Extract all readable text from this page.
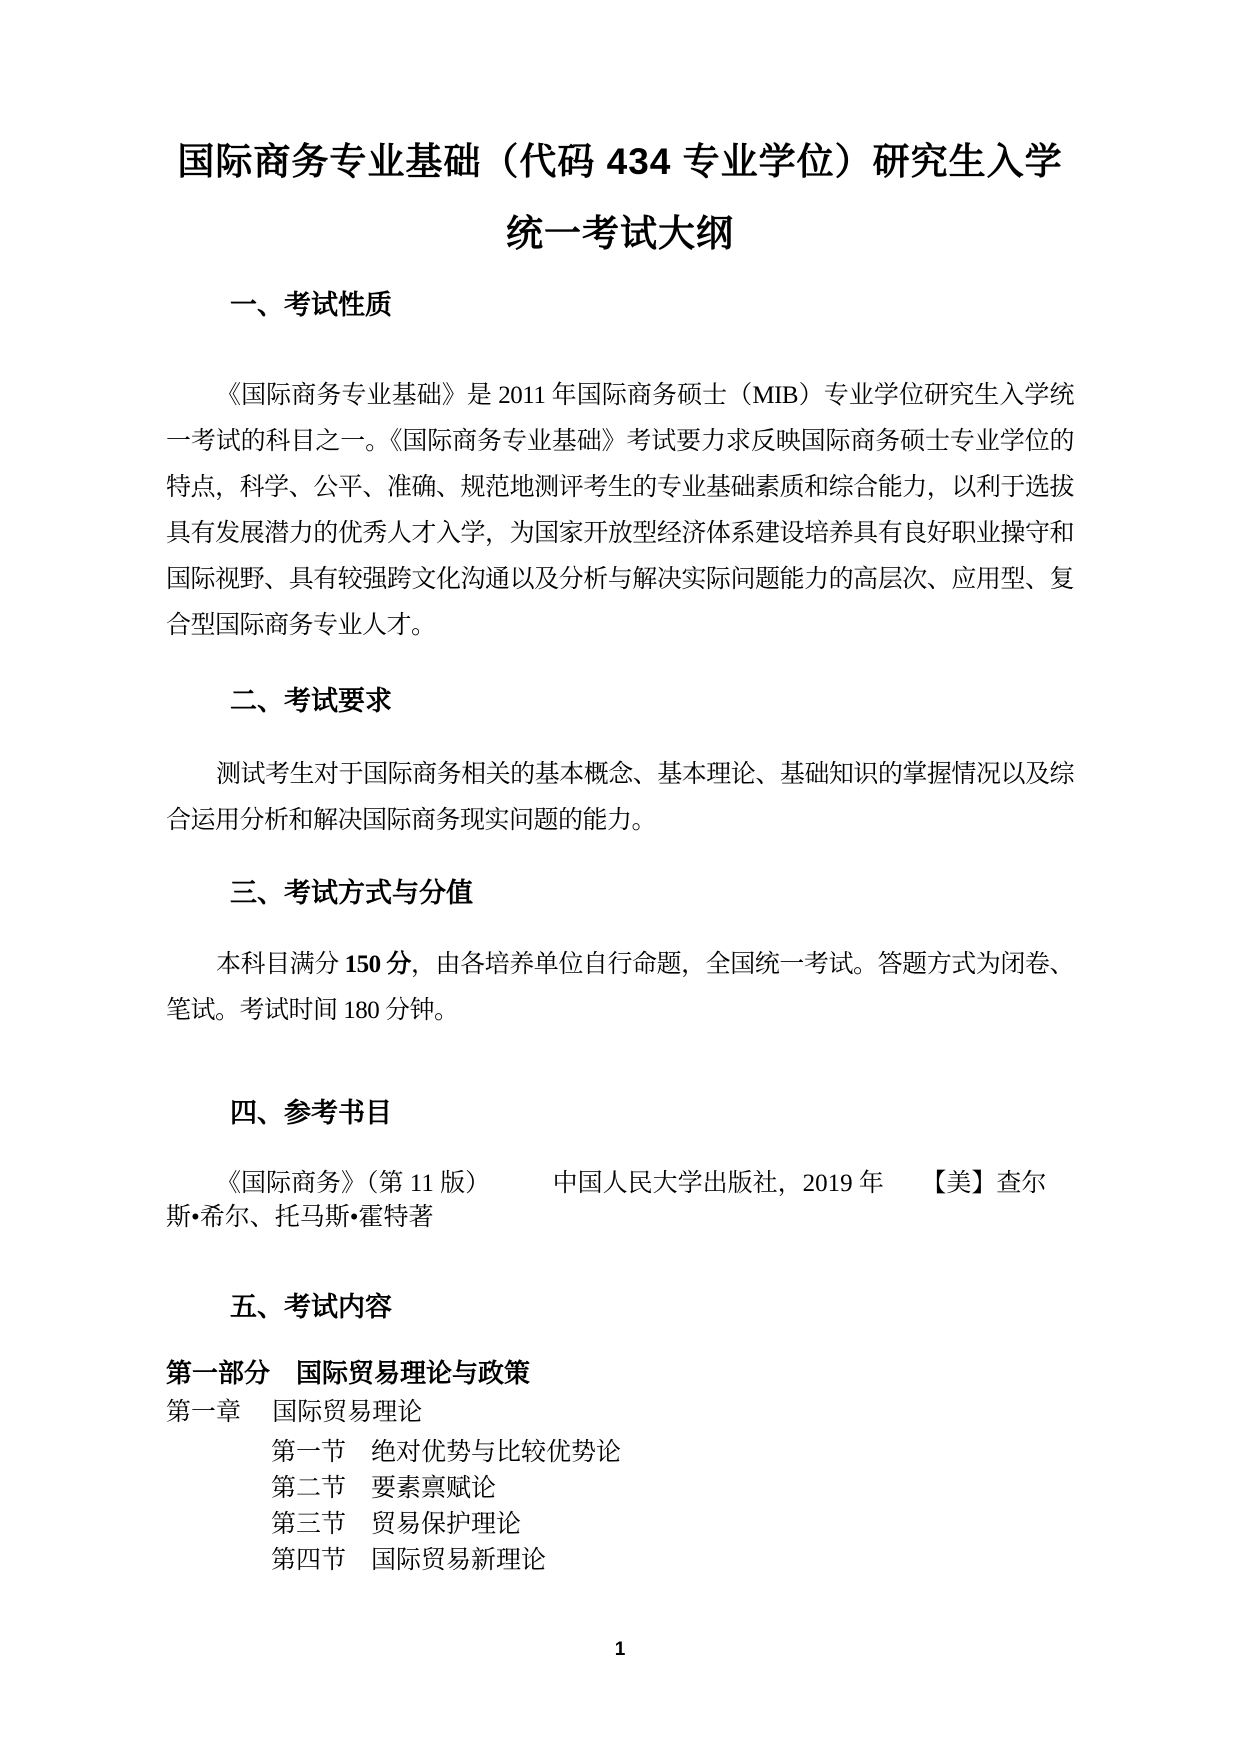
国际商务专业基础（代码 434 专业学位）研究生入学
统一考试大纲
一、考试性质

《国际商务专业基础》是 2011 年国际商务硕士（MIB）专业学位研究生入学统一考试的科目之一。《国际商务专业基础》考试要力求反映国际商务硕士专业学位的特点，科学、公平、准确、规范地测评考生的专业基础素质和综合能力，以利于选拔具有发展潜力的优秀人才入学，为国家开放型经济体系建设培养具有良好职业操守和国际视野、具有较强跨文化沟通以及分析与解决实际问题能力的高层次、应用型、复合型国际商务专业人才。

二、考试要求

测试考生对于国际商务相关的基本概念、基本理论、基础知识的掌握情况以及综合运用分析和解决国际商务现实问题的能力。

三、考试方式与分值

本科目满分 150 分，由各培养单位自行命题，全国统一考试。答题方式为闭卷、笔试。考试时间 180 分钟。

四、参考书目
《国际商务》（第 11 版）　　　中国人民大学出版社，2019 年　　【美】查尔
斯•希尔、托马斯•霍特著
五、考试内容
第一部分　国际贸易理论与政策
第一章　 国际贸易理论
第一节　绝对优势与比较优势论
第二节　要素禀赋论
第三节　贸易保护理论
第四节　国际贸易新理论
1
